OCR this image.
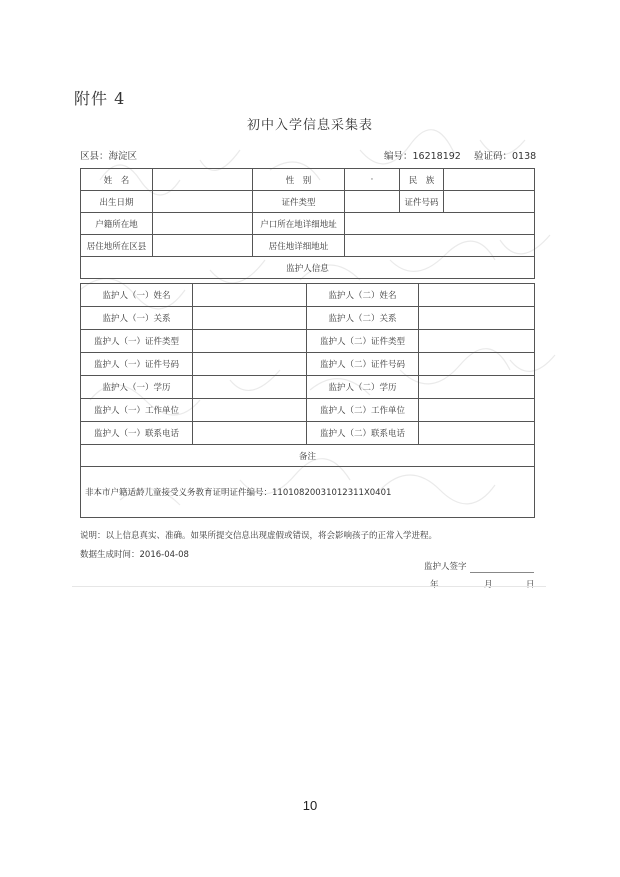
附件 4
初中入学信息采集表
区县：海淀区	编号：16218192 验证码：0138
姓　名		性　别	·	民　族	
出生日期		证件类型		证件号码	
户籍所在地		户口所在地详细地址			
居住地所在区县		居住地详细地址			
监护人信息					
监护人（一）姓名		监护人（二）姓名	
监护人（一）关系		监护人（二）关系	
监护人（一）证件类型		监护人（二）证件类型	
监护人（一）证件号码		监护人（二）证件号码	
监护人（一）学历		监护人（二）学历	
监护人（一）工作单位		监护人（二）工作单位	
监护人（一）联系电话		监护人（二）联系电话	
备注			
非本市户籍适龄儿童接受义务教育证明证件编号：11010820031012311X0401			
说明：以上信息真实、准确。如果所提交信息出现虚假或错误，将会影响孩子的正常入学进程。
数据生成时间：2016-04-08
监护人签字
年	月	日
10
